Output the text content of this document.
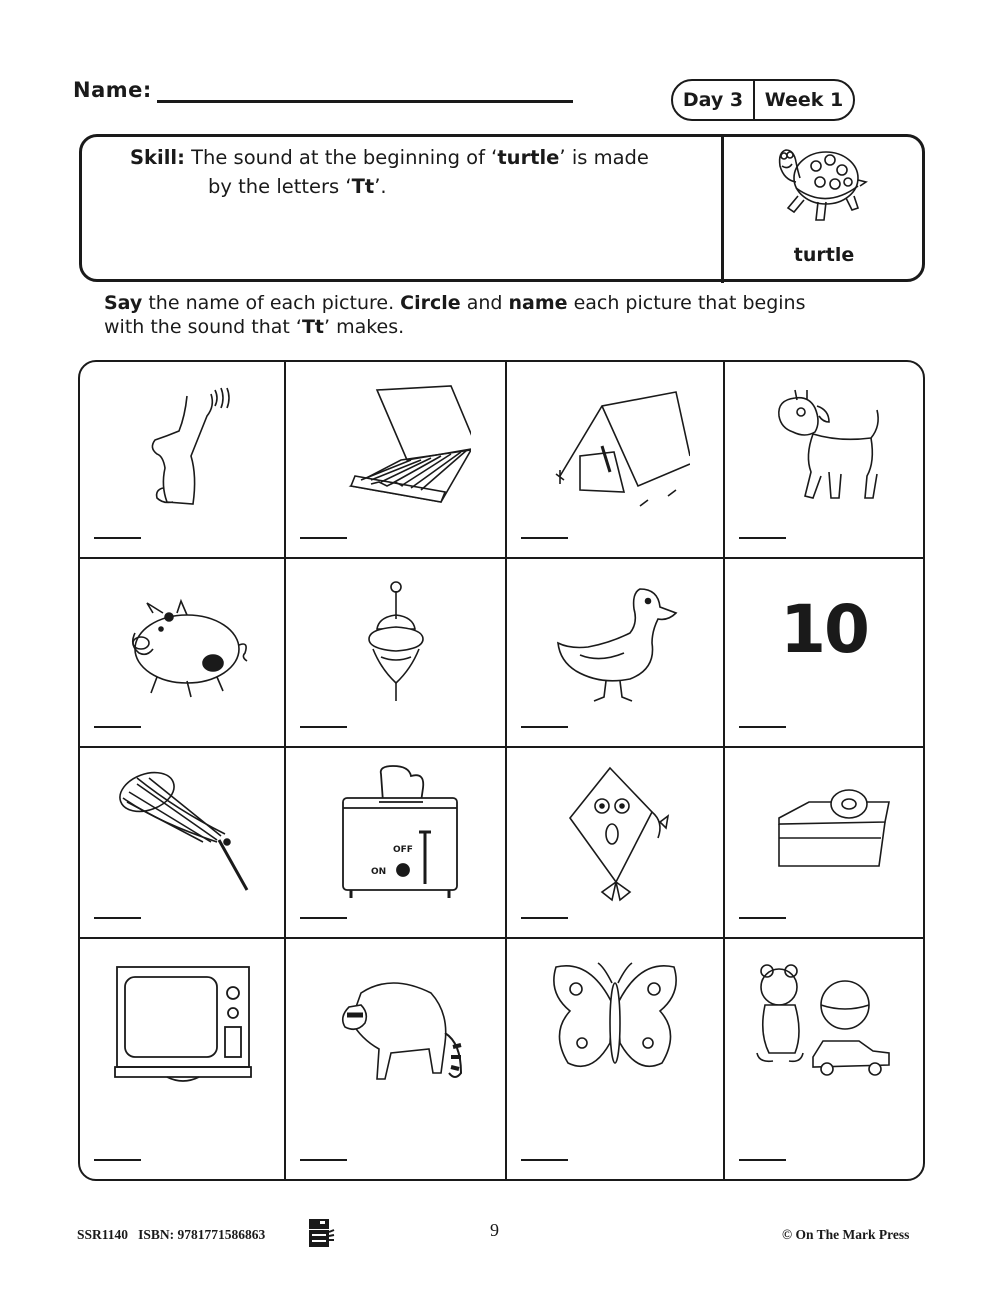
Name:	Day 3	Week 1
Skill: The sound at the beginning of ‘turtle’ is made
by the letters ‘Tt’.
turtle
Say the name of each picture. Circle and name each picture that begins
with the sound that ‘Tt’ makes.
10
OFF
ON
SSR1140   ISBN: 9781771586863	9	© On The Mark Press
